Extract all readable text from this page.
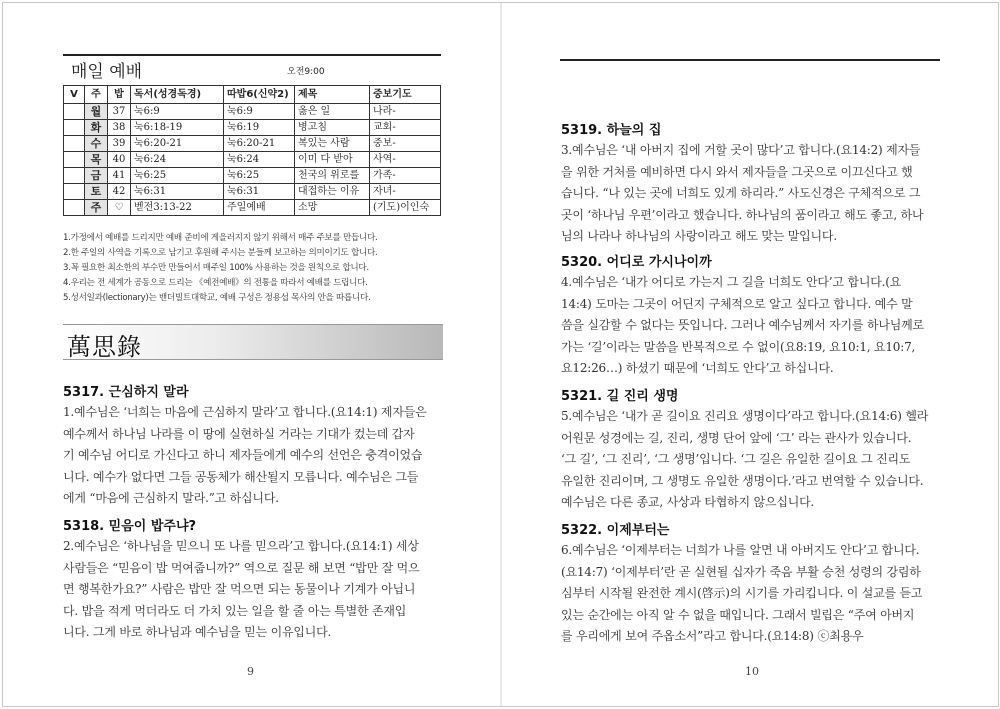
매일 예배	오전9:00
V	주	밥	독서(성경독경)	따밥6(신약2)	제목	중보기도
	월	37	눅6:9	눅6:9	옳은 일	나라-
	화	38	눅6:18-19	눅6:19	병고침	교회-
	수	39	눅6:20-21	눅6:20-21	복있는 사람	중보-
	목	40	눅6:24	눅6:24	이미 다 받아	사역-
	금	41	눅6:25	눅6:25	천국의 위로를	가족-
	토	42	눅6:31	눅6:31	대접하는 이유	자녀-
	주	♡	벧전3:13-22	주일예배	소망	(기도)이인숙
1.가정에서 예배를 드리지만 예배 준비에 게을러지지 않기 위해서 매주 주보를 만듭니다.
2.한 주일의 사역을 기록으로 남기고 후원해 주시는 분들께 보고하는 의미이기도 합니다.
3.꼭 필요한 최소한의 부수만 만들어서 매주일 100% 사용하는 것을 원칙으로 합니다.
4.우리는 전 세계가 공동으로 드리는 《예전예배》의 전통을 따라서 예배를 드립니다.
5.성서일과(lectionary)는 밴더빌트대학교, 예배 구성은 정용섭 목사의 안을 따릅니다.
萬思錄
5317. 근심하지 말라
1.예수님은 ‘너희는 마음에 근심하지 말라’고 합니다.(요14:1) 제자들은
예수께서 하나님 나라를 이 땅에 실현하실 거라는 기대가 컸는데 갑자
기 예수님 어디로 가신다고 하니 제자들에게 예수의 선언은 충격이었습
니다. 예수가 없다면 그들 공동체가 해산될지 모릅니다. 예수님은 그들
에게 “마음에 근심하지 말라.”고 하십니다.
5318. 믿음이 밥주냐?
2.예수님은 ‘하나님을 믿으니 또 나를 믿으라’고 합니다.(요14:1) 세상
사람들은 “믿음이 밥 먹여줍니까?” 역으로 질문 해 보면 “밥만 잘 먹으
면 행복한가요?” 사람은 밥만 잘 먹으면 되는 동물이나 기계가 아닙니
다. 밥을 적게 먹더라도 더 가치 있는 일을 할 줄 아는 특별한 존재입
니다. 그게 바로 하나님과 예수님을 믿는 이유입니다.
9
5319. 하늘의 집
3.예수님은 ‘내 아버지 집에 거할 곳이 많다’고 합니다.(요14:2) 제자들
을 위한 거처를 예비하면 다시 와서 제자들을 그곳으로 이끄신다고 했
습니다. “나 있는 곳에 너희도 있게 하리라.” 사도신경은 구체적으로 그
곳이 ‘하나님 우편’이라고 했습니다. 하나님의 품이라고 해도 좋고, 하나
님의 나라나 하나님의 사랑이라고 해도 맞는 말입니다.
5320. 어디로 가시나이까
4.예수님은 ‘내가 어디로 가는지 그 길을 너희도 안다’고 합니다.(요
14:4) 도마는 그곳이 어딘지 구체적으로 알고 싶다고 합니다. 예수 말
씀을 실감할 수 없다는 뜻입니다. 그러나 예수님께서 자기를 하나님께로
가는 ‘길’이라는 말씀을 반복적으로 수 없이(요8:19, 요10:1, 요10:7,
요12:26…) 하셨기 때문에 ‘너희도 안다’고 하십니다.
5321. 길 진리 생명
5.예수님은 ‘내가 곧 길이요 진리요 생명이다’라고 합니다.(요14:6) 헬라
어원문 성경에는 길, 진리, 생명 단어 앞에 ‘그’ 라는 관사가 있습니다.
‘그 길’, ‘그 진리’, ‘그 생명’입니다. ‘그 길은 유일한 길이요 그 진리도
유일한 진리이며, 그 생명도 유일한 생명이다.’라고 번역할 수 있습니다.
예수님은 다른 종교, 사상과 타협하지 않으십니다.
5322. 이제부터는
6.예수님은 ‘이제부터는 너희가 나를 알면 내 아버지도 안다’고 합니다.
(요14:7) ‘이제부터’란 곧 실현될 십자가 죽음 부활 승천 성령의 강림하
심부터 시작될 완전한 계시(啓示)의 시기를 가리킵니다. 이 설교를 듣고
있는 순간에는 아직 알 수 없을 때입니다. 그래서 빌립은 “주여 아버지
를 우리에게 보여 주옵소서”라고 합니다.(요14:8) ⓒ최용우
10
